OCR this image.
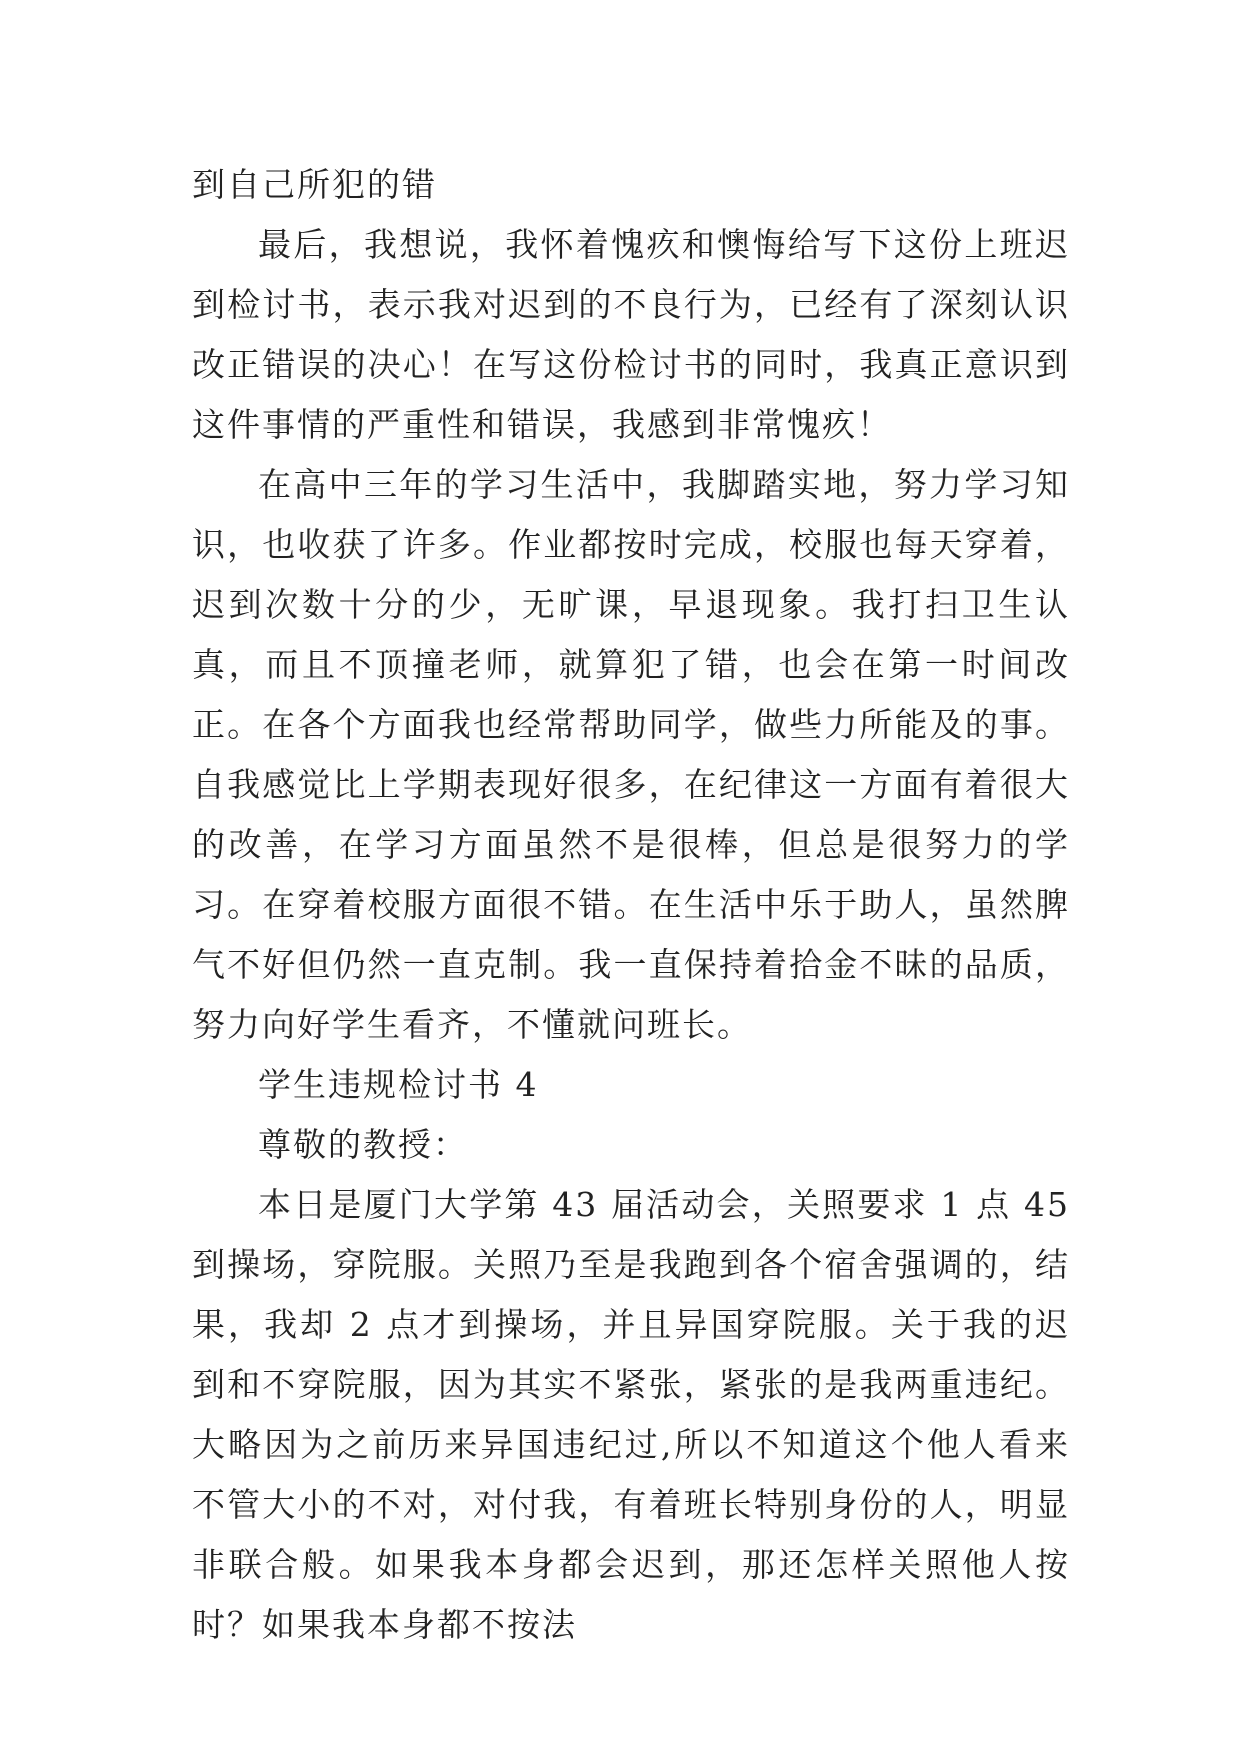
到自己所犯的错

最后，我想说，我怀着愧疚和懊悔给写下这份上班迟到检讨书，表示我对迟到的不良行为，已经有了深刻认识改正错误的决心！在写这份检讨书的同时，我真正意识到这件事情的严重性和错误，我感到非常愧疚！

在高中三年的学习生活中，我脚踏实地，努力学习知识，也收获了许多。作业都按时完成，校服也每天穿着，迟到次数十分的少，无旷课，早退现象。我打扫卫生认真，而且不顶撞老师，就算犯了错，也会在第一时间改正。在各个方面我也经常帮助同学，做些力所能及的事。 自我感觉比上学期表现好很多，在纪律这一方面有着很大的改善，在学习方面虽然不是很棒，但总是很努力的学习。在穿着校服方面很不错。在生活中乐于助人，虽然脾气不好但仍然一直克制。我一直保持着拾金不昧的品质，努力向好学生看齐，不懂就问班长。

学生违规检讨书 4

尊敬的教授：

本日是厦门大学第 43 届活动会，关照要求 1 点 45 到操场，穿院服。关照乃至是我跑到各个宿舍强调的，结果，我却 2 点才到操场，并且异国穿院服。关于我的迟到和不穿院服，因为其实不紧张，紧张的是我两重违纪。大略因为之前历来异国违纪过,所以不知道这个他人看来不管大小的不对，对付我，有着班长特别身份的人，明显非联合般。如果我本身都会迟到，那还怎样关照他人按时？如果我本身都不按法
